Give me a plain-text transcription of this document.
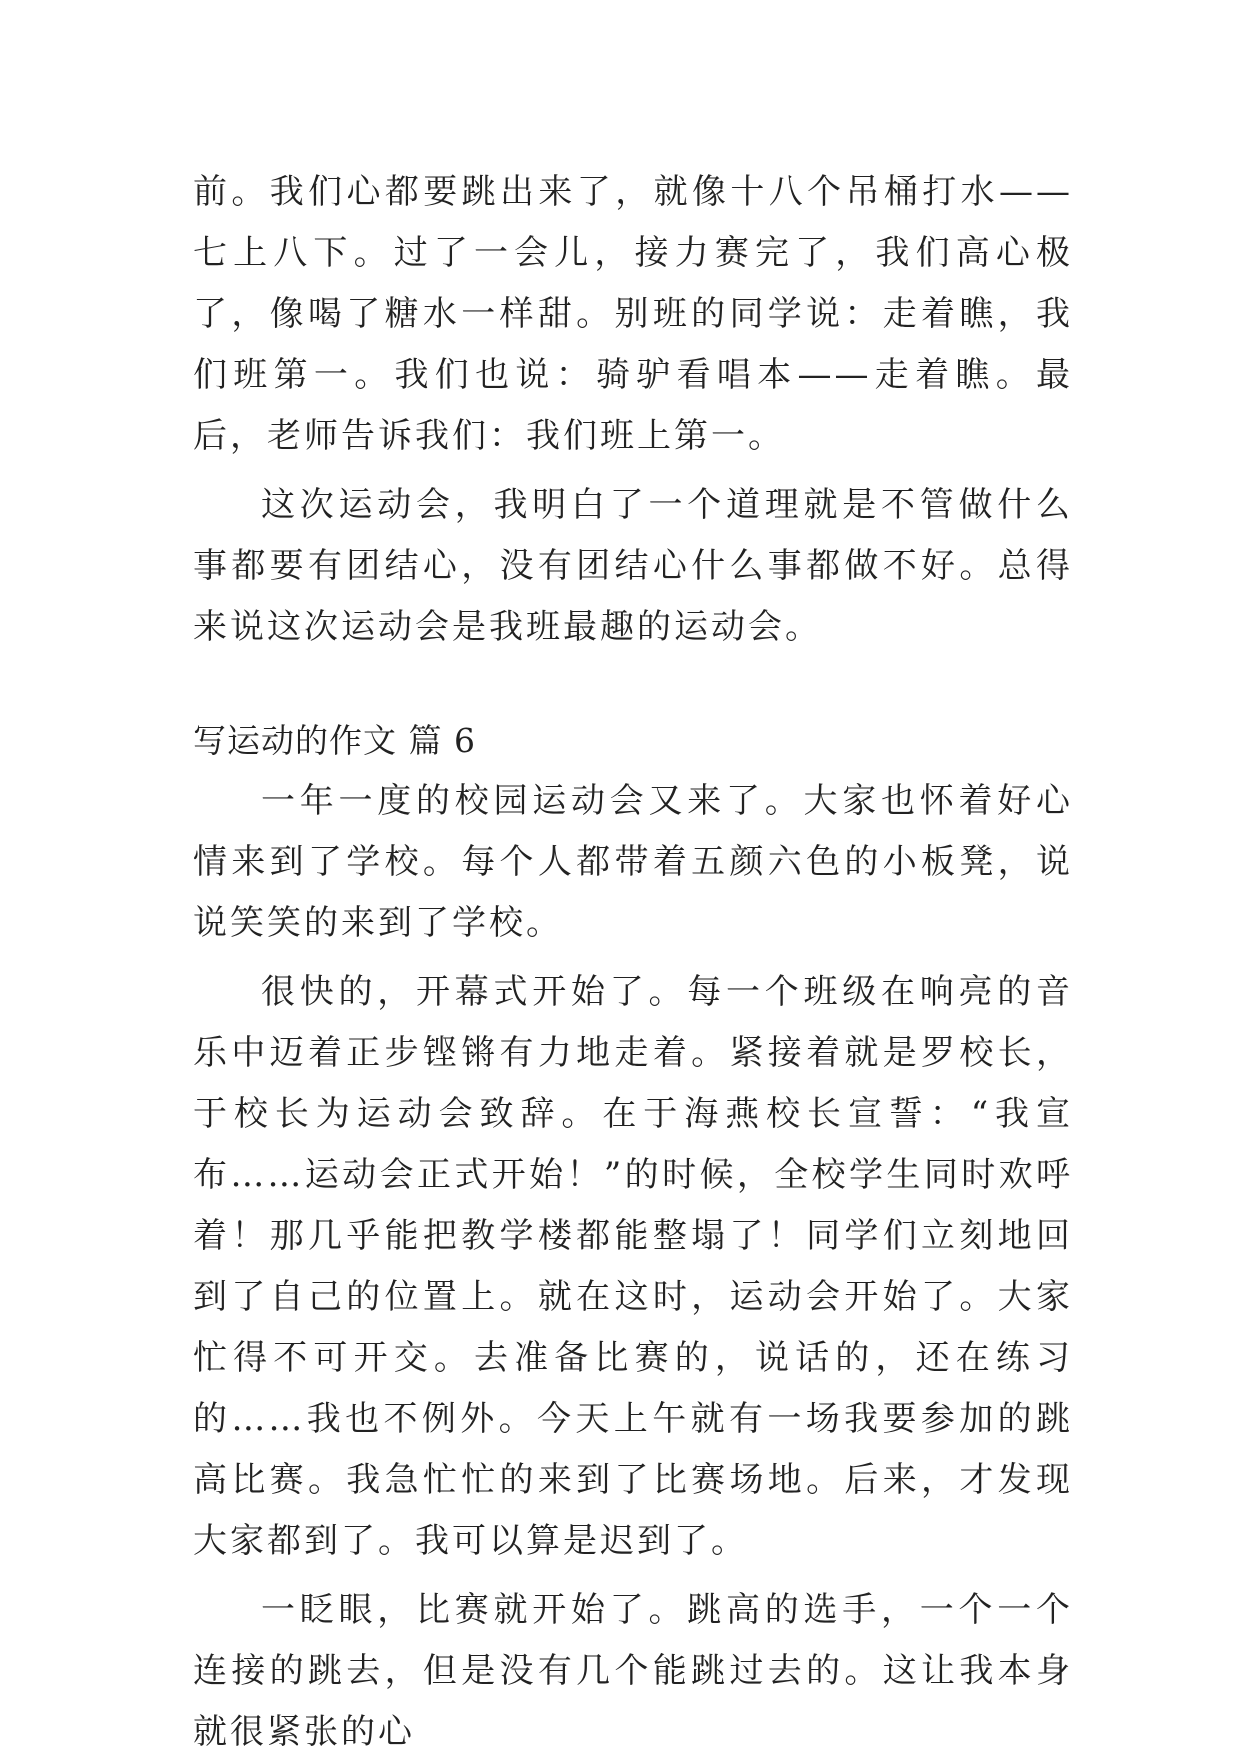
前。我们心都要跳出来了，就像十八个吊桶打水——七上八下。过了一会儿，接力赛完了，我们高心极了，像喝了糖水一样甜。别班的同学说：走着瞧，我们班第一。我们也说：骑驴看唱本——走着瞧。最后，老师告诉我们：我们班上第一。

这次运动会，我明白了一个道理就是不管做什么事都要有团结心，没有团结心什么事都做不好。总得来说这次运动会是我班最趣的运动会。

写运动的作文 篇 6

一年一度的校园运动会又来了。大家也怀着好心情来到了学校。每个人都带着五颜六色的小板凳，说说笑笑的来到了学校。

很快的，开幕式开始了。每一个班级在响亮的音乐中迈着正步铿锵有力地走着。紧接着就是罗校长，于校长为运动会致辞。在于海燕校长宣誓：“我宣布……运动会正式开始！”的时候，全校学生同时欢呼着！那几乎能把教学楼都能整塌了！同学们立刻地回到了自己的位置上。就在这时，运动会开始了。大家忙得不可开交。去准备比赛的，说话的，还在练习的……我也不例外。今天上午就有一场我要参加的跳高比赛。我急忙忙的来到了比赛场地。后来，才发现大家都到了。我可以算是迟到了。

一眨眼，比赛就开始了。跳高的选手，一个一个连接的跳去，但是没有几个能跳过去的。这让我本身就很紧张的心
